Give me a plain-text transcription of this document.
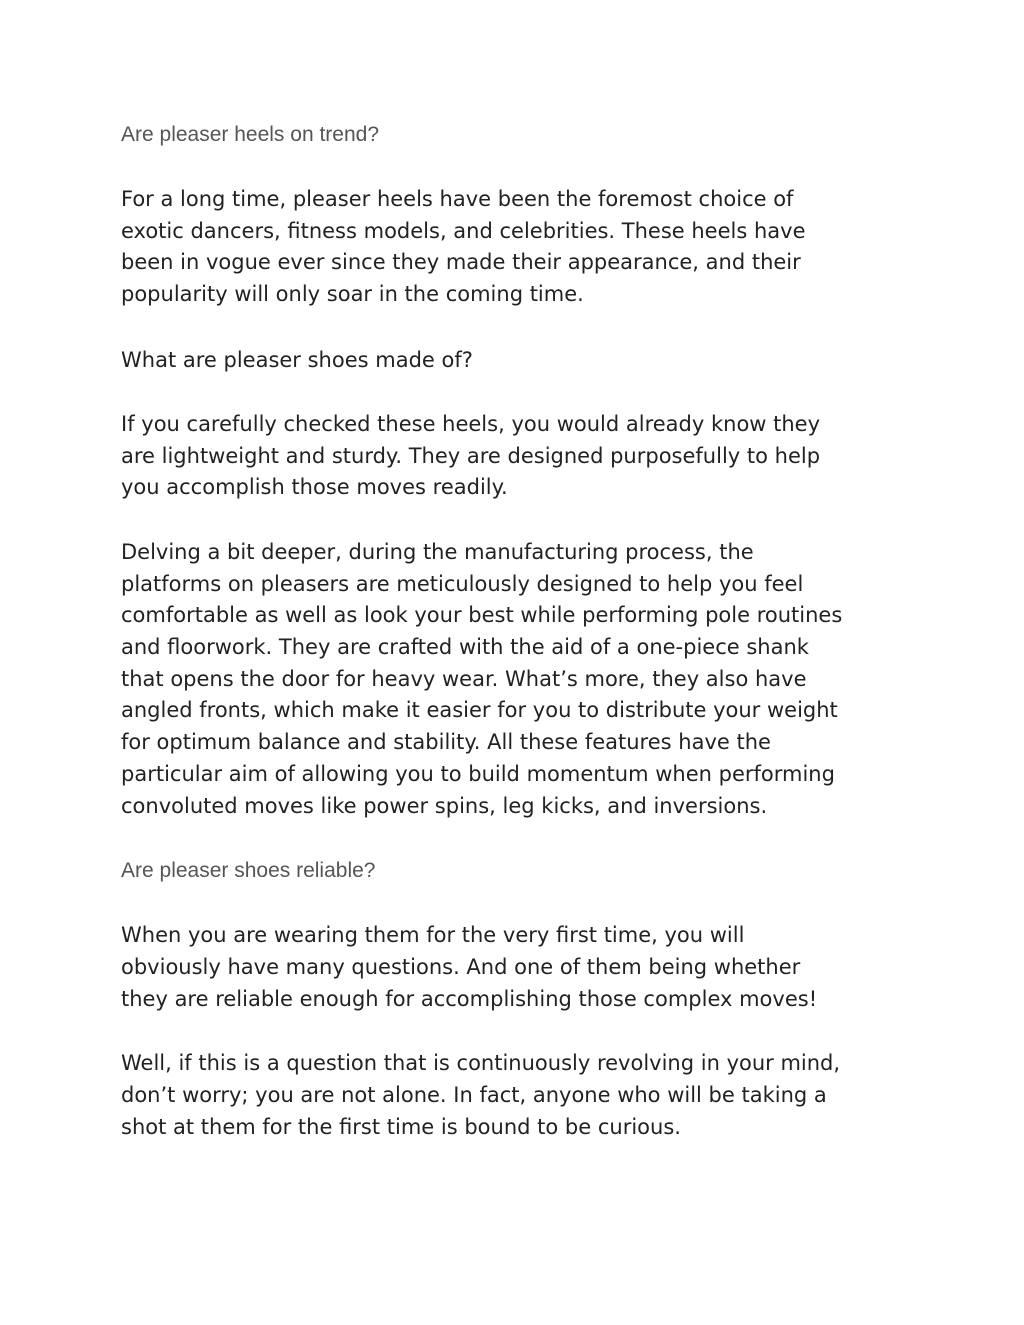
Are pleaser heels on trend?

For a long time, pleaser heels have been the foremost choice of
exotic dancers, fitness models, and celebrities. These heels have
been in vogue ever since they made their appearance, and their
popularity will only soar in the coming time.

What are pleaser shoes made of?

If you carefully checked these heels, you would already know they
are lightweight and sturdy. They are designed purposefully to help
you accomplish those moves readily.

Delving a bit deeper, during the manufacturing process, the
platforms on pleasers are meticulously designed to help you feel
comfortable as well as look your best while performing pole routines
and floorwork. They are crafted with the aid of a one-piece shank
that opens the door for heavy wear. What’s more, they also have
angled fronts, which make it easier for you to distribute your weight
for optimum balance and stability. All these features have the
particular aim of allowing you to build momentum when performing
convoluted moves like power spins, leg kicks, and inversions.

Are pleaser shoes reliable?

When you are wearing them for the very first time, you will
obviously have many questions. And one of them being whether
they are reliable enough for accomplishing those complex moves!

Well, if this is a question that is continuously revolving in your mind,
don’t worry; you are not alone. In fact, anyone who will be taking a
shot at them for the first time is bound to be curious.
